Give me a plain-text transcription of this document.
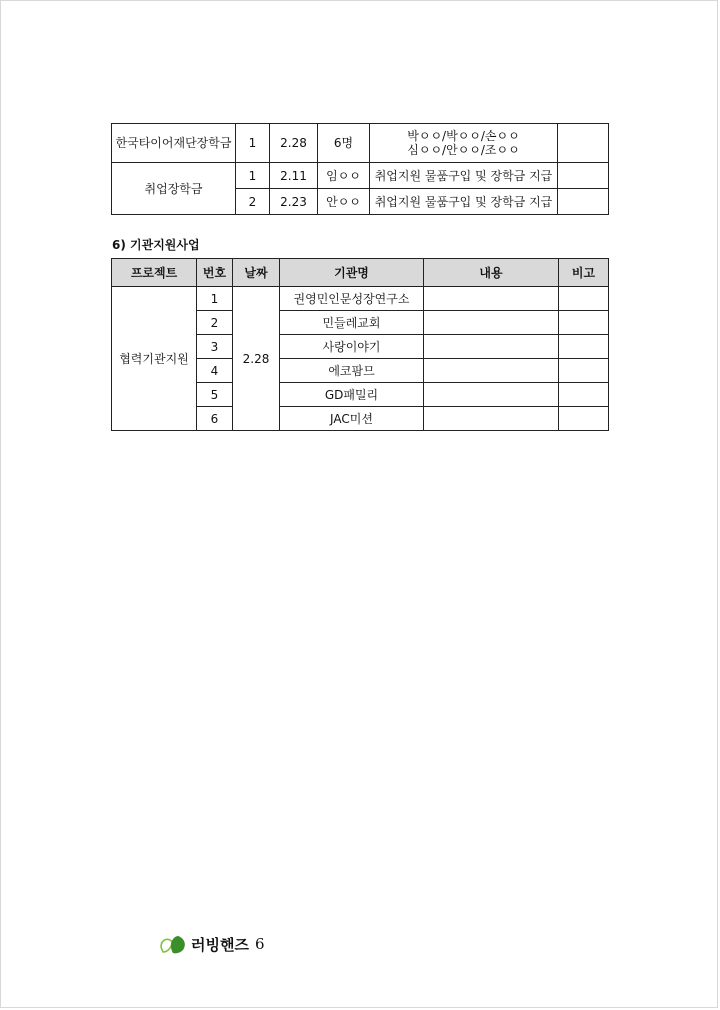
한국타이어재단장학금	1	2.28	6명	박ㅇㅇ/박ㅇㅇ/손ㅇㅇ
심ㅇㅇ/안ㅇㅇ/조ㅇㅇ	

취업장학금	1	2.11	임ㅇㅇ	취업지원 물품구입 및 장학금 지급	
	2	2.23	안ㅇㅇ	취업지원 물품구입 및 장학금 지급	
6) 기관지원사업
프로젝트	번호	날짜	기관명	내용	비고
협력기관지원	1	2.28	권영민인문성장연구소		
	2		민들레교회		
	3		사랑이야기		
	4		에코팜므		
	5		GD패밀리		
	6		JAC미션		
러빙핸즈 6
